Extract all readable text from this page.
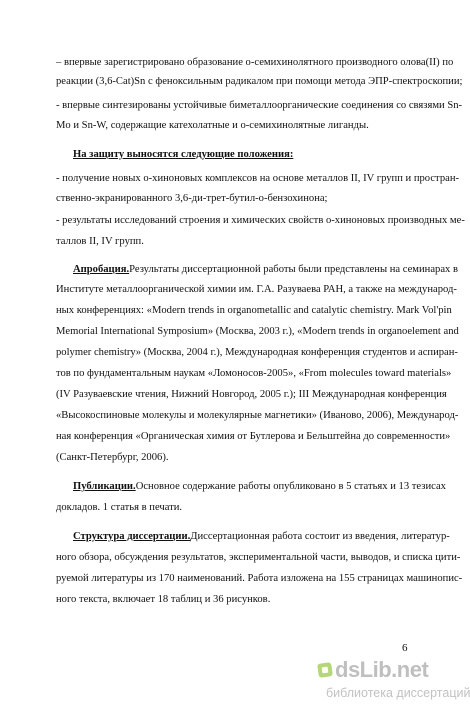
– впервые зарегистрировано образование о-семихинолятного производного олова(II) по
реакции (3,6-Cat)Sn с феноксильным радикалом при помощи метода ЭПР-спектроскопии;
- впервые синтезированы устойчивые биметаллоорганические соединения со связями Sn-
Mo и Sn-W, содержащие катехолатные и о-семихинолятные лиганды.
На защиту выносятся следующие положения:
- получение новых о-хиноновых комплексов на основе металлов II, IV групп и простран-
ственно-экранированного 3,6-ди-трет-бутил-о-бензохинона;
- результаты исследований строения и химических свойств о-хиноновых производных ме-
таллов II, IV групп.
Апробация. Результаты диссертационной работы были представлены на семинарах в
Институте металлоорганической химии им. Г.А. Разуваева РАН, а также на международ-
ных конференциях: «Modern trends in organometallic and catalytic chemistry. Mark Vol'pin
Memorial International Symposium» (Москва, 2003 г.), «Modern trends in organoelement and
polymer chemistry» (Москва, 2004 г.), Международная конференция студентов и аспиран-
тов по фундаментальным наукам «Ломоносов-2005», «From molecules toward materials»
(IV Разуваевские чтения, Нижний Новгород, 2005 г.); III Международная конференция
«Высокоспиновые молекулы и молекулярные магнетики» (Иваново, 2006), Международ-
ная конференция «Органическая химия от Бутлерова и Бельштейна до современности»
(Санкт-Петербург, 2006).
Публикации. Основное содержание работы опубликовано в 5 статьях и 13 тезисах
докладов. 1 статья в печати.
Структура диссертации. Диссертационная работа состоит из введения, литератур-
ного обзора, обсуждения результатов, экспериментальной части, выводов, и списка цити-
руемой литературы из 170 наименований. Работа изложена на 155 страницах машинопис-
ного текста, включает 18 таблиц и 36 рисунков.
6
dsLib.net
библиотека диссертаций
